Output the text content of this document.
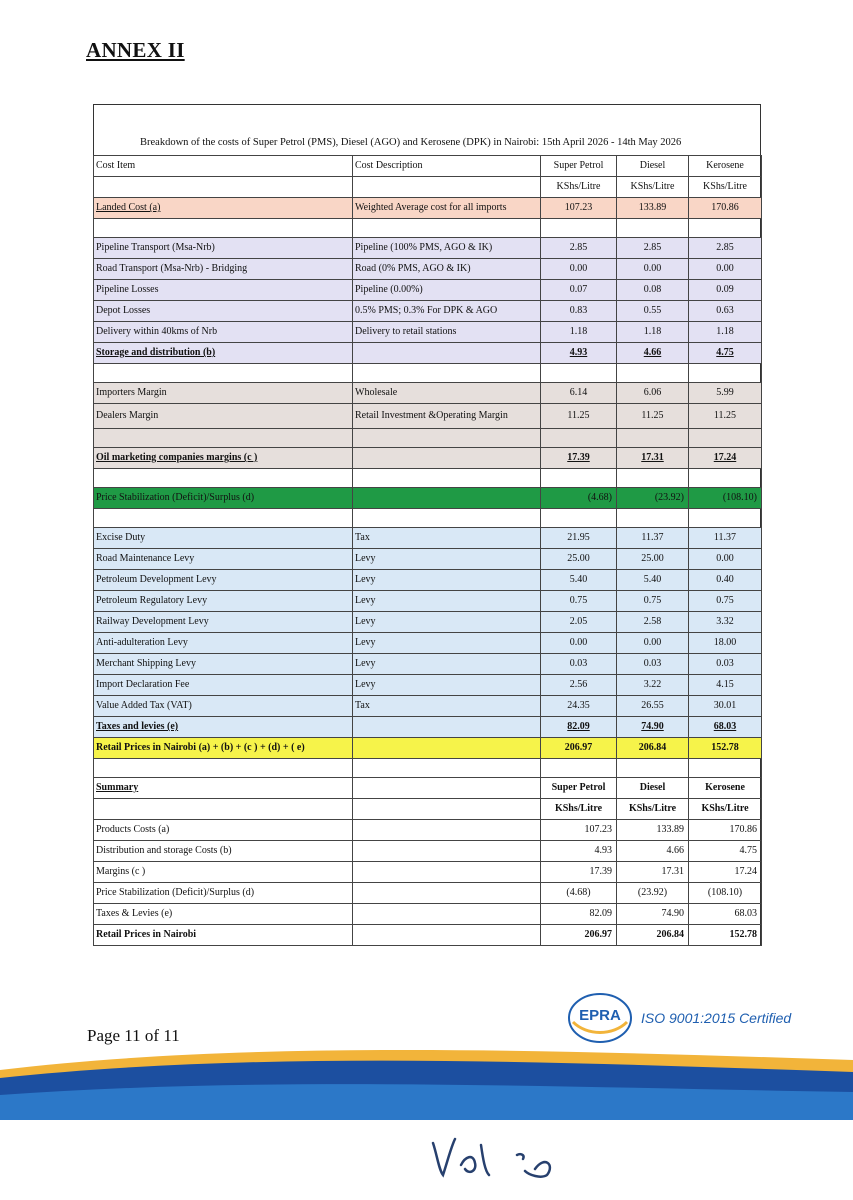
ANNEX II
Breakdown of the costs of Super Petrol (PMS), Diesel (AGO) and Kerosene (DPK) in Nairobi: 15th April 2026 - 14th May 2026
Cost Item	Cost Description	Super Petrol	Diesel	Kerosene
		KShs/Litre	KShs/Litre	KShs/Litre
Landed Cost (a)	Weighted Average cost for all imports	107.23	133.89	170.86

Pipeline Transport (Msa-Nrb)	Pipeline (100% PMS, AGO & IK)	2.85	2.85	2.85
Road Transport (Msa-Nrb) - Bridging	Road (0% PMS, AGO & IK)	0.00	0.00	0.00
Pipeline Losses	Pipeline (0.00%)	0.07	0.08	0.09
Depot Losses	0.5% PMS; 0.3% For DPK & AGO	0.83	0.55	0.63
Delivery within 40kms of Nrb	Delivery to retail stations	1.18	1.18	1.18
Storage and distribution (b)		4.93	4.66	4.75

Importers Margin	Wholesale	6.14	6.06	5.99
Dealers Margin	Retail Investment &Operating Margin	11.25	11.25	11.25

Oil marketing companies margins (c )		17.39	17.31	17.24

Price Stabilization (Deficit)/Surplus (d)		(4.68)	(23.92)	(108.10)

Excise Duty	Tax	21.95	11.37	11.37
Road Maintenance Levy	Levy	25.00	25.00	0.00
Petroleum Development Levy	Levy	5.40	5.40	0.40
Petroleum Regulatory Levy	Levy	0.75	0.75	0.75
Railway Development Levy	Levy	2.05	2.58	3.32
Anti-adulteration Levy	Levy	0.00	0.00	18.00
Merchant Shipping Levy	Levy	0.03	0.03	0.03
Import Declaration Fee	Levy	2.56	3.22	4.15
Value Added Tax (VAT)	Tax	24.35	26.55	30.01
Taxes and levies (e)		82.09	74.90	68.03
Retail Prices in Nairobi (a) + (b) + (c ) + (d) + ( e)		206.97	206.84	152.78

Summary		Super Petrol	Diesel	Kerosene
		KShs/Litre	KShs/Litre	KShs/Litre
Products Costs (a)		107.23	133.89	170.86
Distribution and storage Costs (b)		4.93	4.66	4.75
Margins (c )		17.39	17.31	17.24
Price Stabilization (Deficit)/Surplus (d)		(4.68)	(23.92)	(108.10)
Taxes & Levies (e)		82.09	74.90	68.03
Retail Prices in Nairobi		206.97	206.84	152.78
Page 11 of 11
EPRA ISO 9001:2015 Certified
